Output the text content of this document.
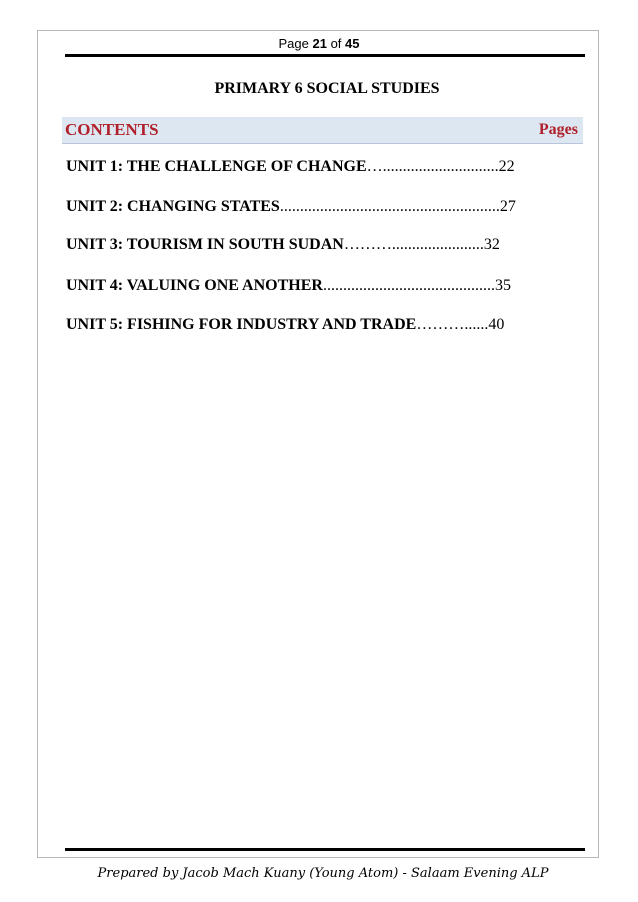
Page 21 of 45
PRIMARY 6 SOCIAL STUDIES
CONTENTS	Pages
UNIT 1: THE CHALLENGE OF CHANGE….............................22
UNIT 2: CHANGING STATES.......................................................27
UNIT 3: TOURISM IN SOUTH SUDAN……….......................32
UNIT 4: VALUING ONE ANOTHER...........................................35
UNIT 5: FISHING FOR INDUSTRY AND TRADE………......40
Prepared by Jacob Mach Kuany (Young Atom) - Salaam Evening ALP
